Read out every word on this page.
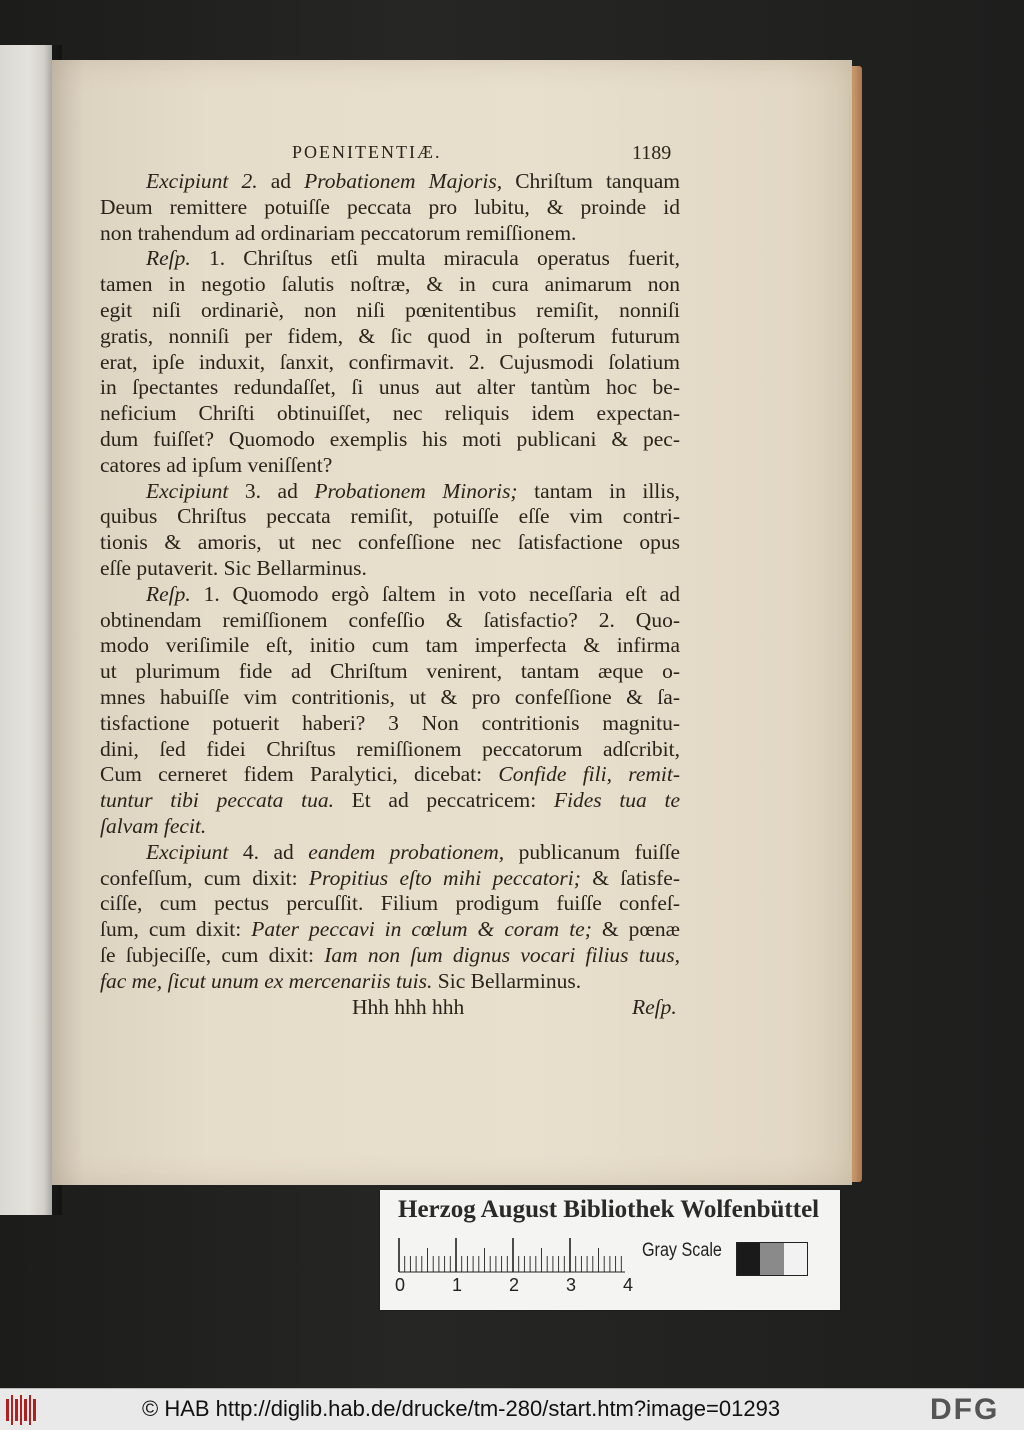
POENITENTIÆ.	1189
Excipiunt 2. ad Probationem Majoris, Chriſtum tanquam
Deum remittere potuiſſe peccata pro lubitu, & proinde id
non trahendum ad ordinariam peccatorum remiſſionem.
Reſp. 1. Chriſtus etſi multa miracula operatus fuerit,
tamen in negotio ſalutis noſtræ, & in cura animarum non
egit niſi ordinariè, non niſi pœnitentibus remiſit, nonniſi
gratis, nonniſi per fidem, & ſic quod in poſterum futurum
erat, ipſe induxit, ſanxit, confirmavit. 2. Cujusmodi ſolatium
in ſpectantes redundaſſet, ſi unus aut alter tantùm hoc be-
neficium Chriſti obtinuiſſet, nec reliquis idem expectan-
dum fuiſſet? Quomodo exemplis his moti publicani & pec-
catores ad ipſum veniſſent?
Excipiunt 3. ad Probationem Minoris; tantam in illis,
quibus Chriſtus peccata remiſit, potuiſſe eſſe vim contri-
tionis & amoris, ut nec confeſſione nec ſatisfactione opus
eſſe putaverit. Sic Bellarminus.
Reſp. 1. Quomodo ergò ſaltem in voto neceſſaria eſt ad
obtinendam remiſſionem confeſſio & ſatisfactio? 2. Quo-
modo veriſimile eſt, initio cum tam imperfecta & infirma
ut plurimum fide ad Chriſtum venirent, tantam æque o-
mnes habuiſſe vim contritionis, ut & pro confeſſione & ſa-
tisfactione potuerit haberi? 3 Non contritionis magnitu-
dini, ſed fidei Chriſtus remiſſionem peccatorum adſcribit,
Cum cerneret fidem Paralytici, dicebat: Confide fili, remit-
tuntur tibi peccata tua. Et ad peccatricem: Fides tua te
ſalvam fecit.
Excipiunt 4. ad eandem probationem, publicanum fuiſſe
confeſſum, cum dixit: Propitius eſto mihi peccatori; & ſatisfe-
ciſſe, cum pectus percuſſit. Filium prodigum fuiſſe confeſ-
ſum, cum dixit: Pater peccavi in cœlum & coram te; & pœnæ
ſe ſubjeciſſe, cum dixit: Iam non ſum dignus vocari filius tuus,
fac me, ſicut unum ex mercenariis tuis. Sic Bellarminus.
Hhh hhh hhh	Reſp.
Herzog August Bibliothek Wolfenbüttel
Gray Scale
0	1	2	3	4
© HAB http://diglib.hab.de/drucke/tm-280/start.htm?image=01293	DFG
